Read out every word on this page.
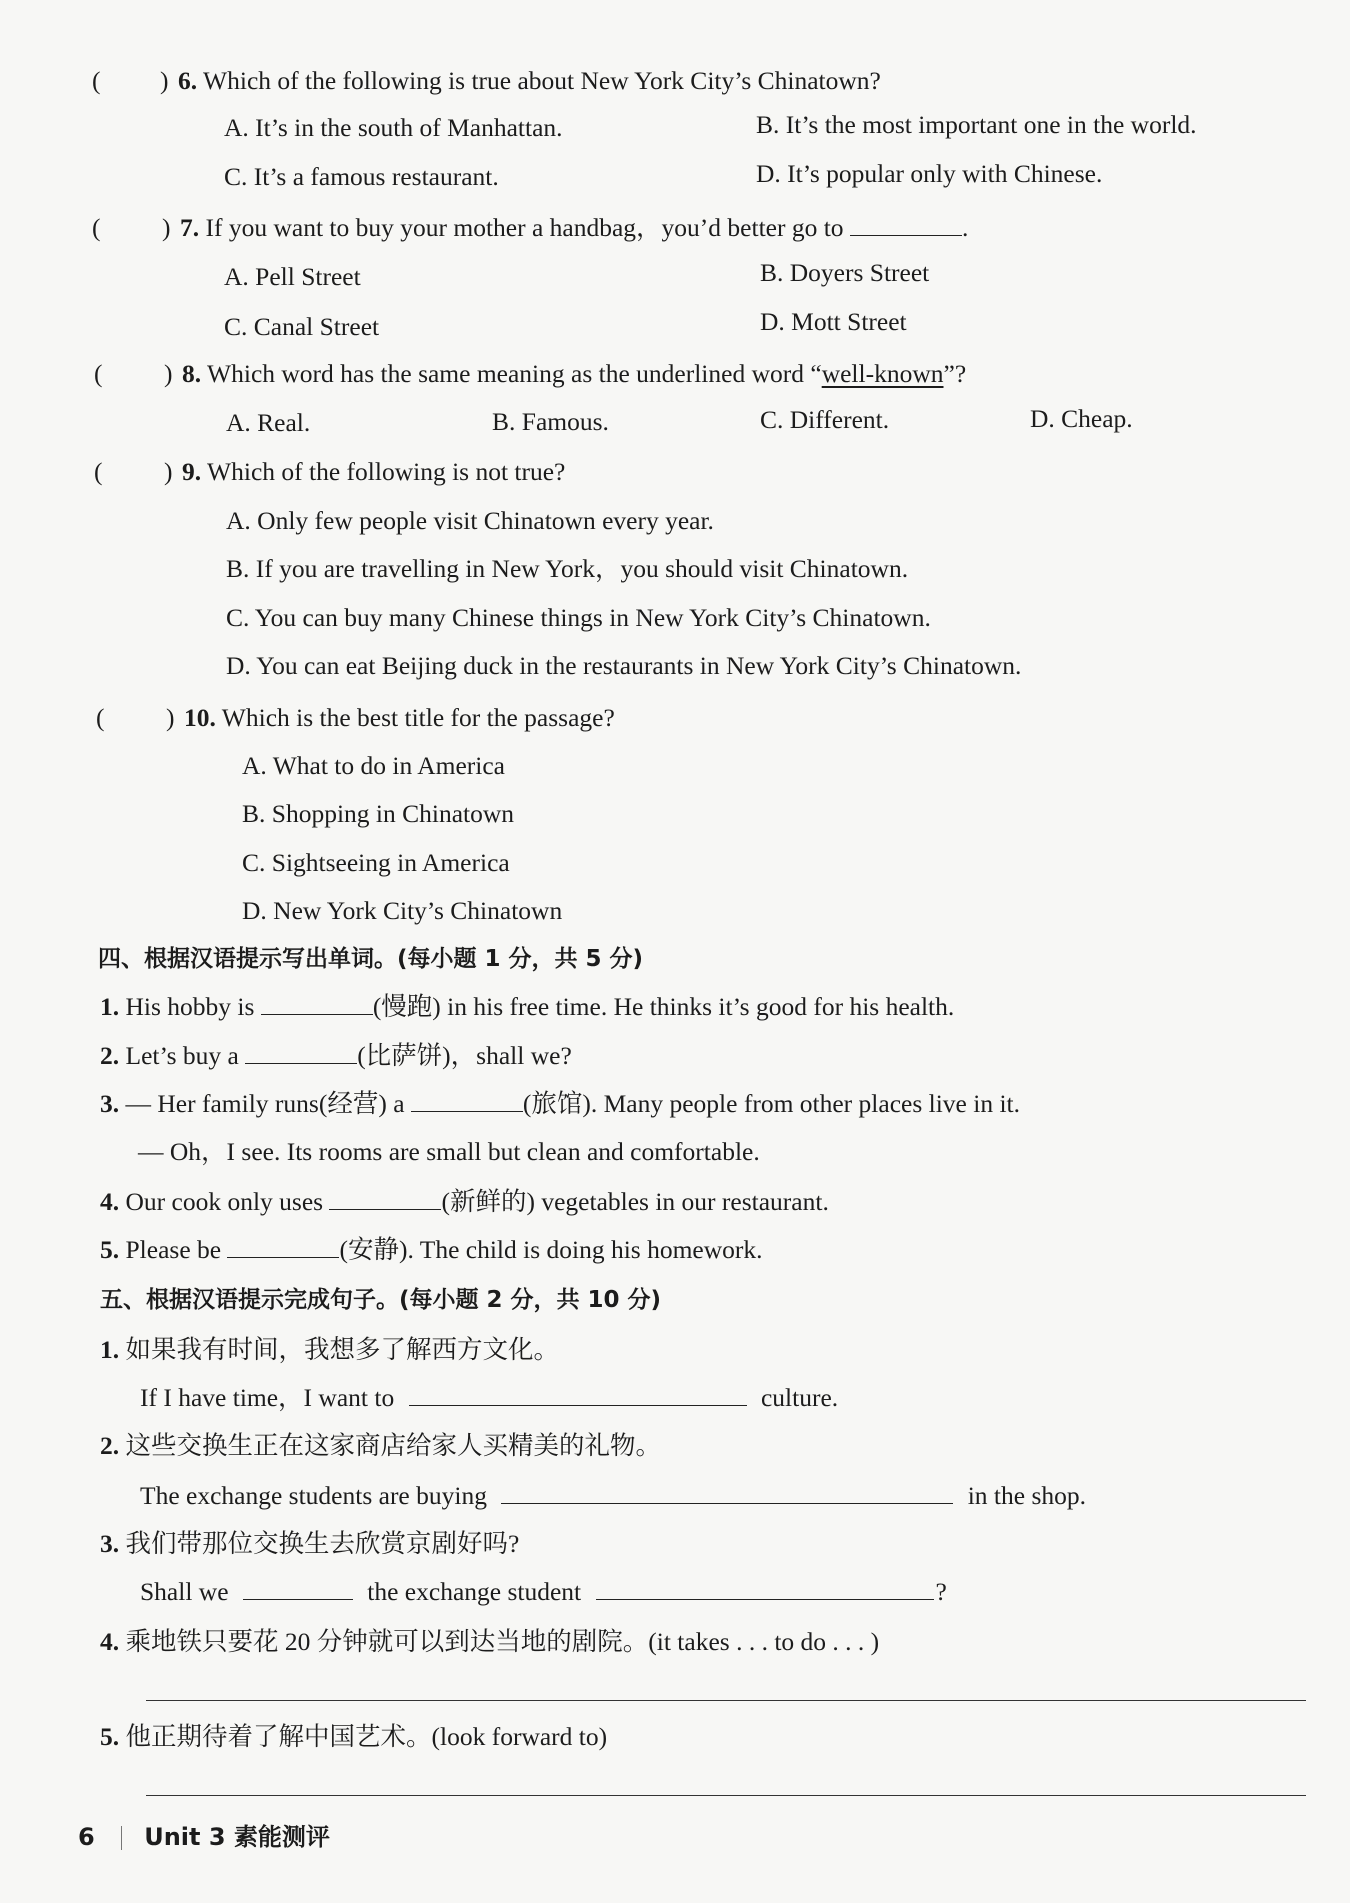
( ) 6. Which of the following is true about New York City’s Chinatown?
A. It’s in the south of Manhattan.	B. It’s the most important one in the world.
C. It’s a famous restaurant.	D. It’s popular only with Chinese.
( ) 7. If you want to buy your mother a handbag，you’d better go to	.
A. Pell Street	B. Doyers Street
C. Canal Street	D. Mott Street
( ) 8. Which word has the same meaning as the underlined word “well-known”?
A. Real.	B. Famous.	C. Different.	D. Cheap.
( ) 9. Which of the following is not true?
A. Only few people visit Chinatown every year.
B. If you are travelling in New York，you should visit Chinatown.
C. You can buy many Chinese things in New York City’s Chinatown.
D. You can eat Beijing duck in the restaurants in New York City’s Chinatown.
( ) 10. Which is the best title for the passage?
A. What to do in America
B. Shopping in Chinatown
C. Sightseeing in America
D. New York City’s Chinatown
四、根据汉语提示写出单词。(每小题 1 分，共 5 分)
1. His hobby is	(慢跑) in his free time. He thinks it’s good for his health.
2. Let’s buy a	(比萨饼)，shall we?
3. — Her family runs(经营) a	(旅馆). Many people from other places live in it.
— Oh，I see. Its rooms are small but clean and comfortable.
4. Our cook only uses	(新鲜的) vegetables in our restaurant.
5. Please be	(安静). The child is doing his homework.
五、根据汉语提示完成句子。(每小题 2 分，共 10 分)
1. 如果我有时间，我想多了解西方文化。
If I have time，I want to	culture.
2. 这些交换生正在这家商店给家人买精美的礼物。
The exchange students are buying	in the shop.
3. 我们带那位交换生去欣赏京剧好吗?
Shall we	the exchange student	?
4. 乘地铁只要花 20 分钟就可以到达当地的剧院。(it takes . . . to do . . . )
5. 他正期待着了解中国艺术。(look forward to)
6 Unit 3 素能测评
